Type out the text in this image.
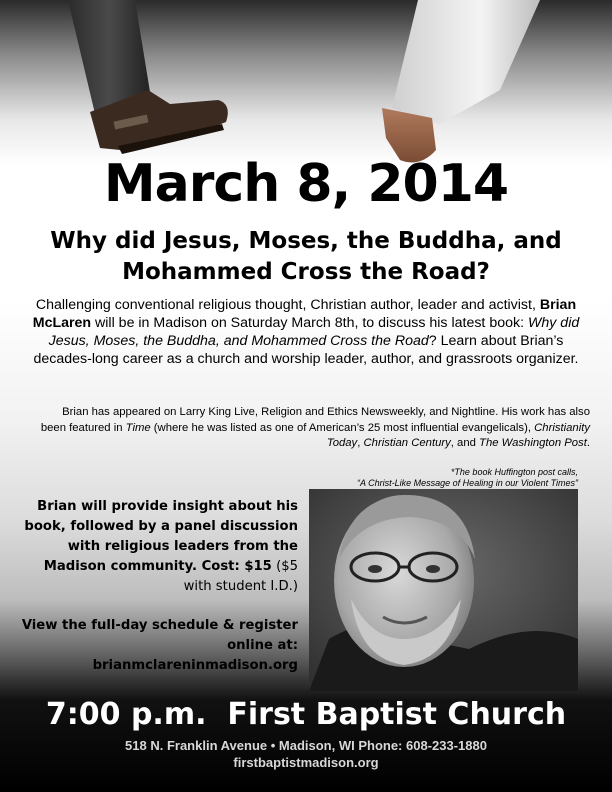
March 8, 2014
Why did Jesus, Moses, the Buddha, and Mohammed Cross the Road?
Challenging conventional religious thought, Christian author, leader and activist, Brian McLaren will be in Madison on Saturday March 8th, to discuss his latest book: Why did Jesus, Moses, the Buddha, and Mohammed Cross the Road? Learn about Brian’s decades-long career as a church and worship leader, author, and grassroots organizer.
Brian has appeared on Larry King Live, Religion and Ethics Newsweekly, and Nightline. His work has also been featured in Time (where he was listed as one of American’s 25 most influential evangelicals), Christianity Today, Christian Century, and The Washington Post.
*The book Huffington post calls,
“A Christ-Like Message of Healing in our Violent Times”
Brian will provide insight about his book, followed by a panel discussion with religious leaders from the Madison community. Cost: $15 ($5 with student I.D.)
View the full-day schedule & register online at:
brianmclareninmadison.org
7:00 p.m.  First Baptist Church
518 N. Franklin Avenue • Madison, WI Phone: 608-233-1880
firstbaptistmadison.org
